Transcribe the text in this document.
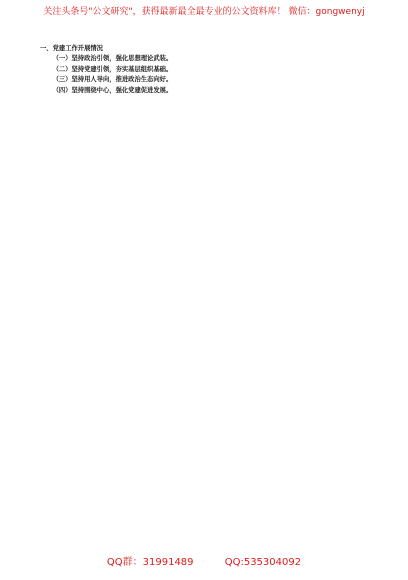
关注头条号"公文研究"，获得最新最全最专业的公文资料库！ 微信：gongwenyj

一、党建工作开展情况

（一）坚持政治引领，强化思想理论武装。

（二）坚持党建引领，夯实基层组织基础。

（三）坚持用人导向，推进政治生态向好。

（四）坚持围绕中心，强化党建促进发展。

QQ群：31991489	QQ:535304092
